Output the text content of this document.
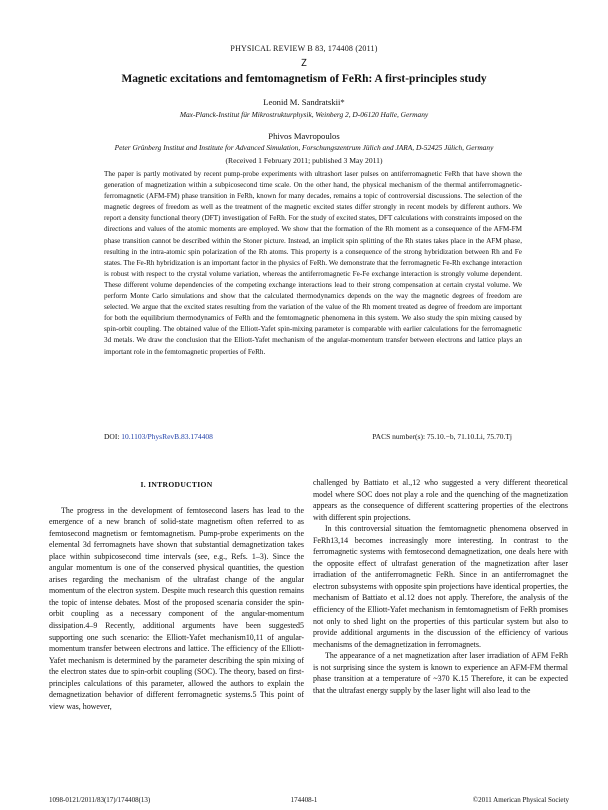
PHYSICAL REVIEW B 83, 174408 (2011)
Ⴭ
Magnetic excitations and femtomagnetism of FeRh: A first-principles study
Leonid M. Sandratskii*
Max-Planck-Institut für Mikrostrukturphysik, Weinberg 2, D-06120 Halle, Germany
Phivos Mavropoulos
Peter Grünberg Institut and Institute for Advanced Simulation, Forschungszentrum Jülich and JARA, D-52425 Jülich, Germany
(Received 1 February 2011; published 3 May 2011)

The paper is partly motivated by recent pump-probe experiments with ultrashort laser pulses on antiferromagnetic FeRh that have shown the generation of magnetization within a subpicosecond time scale. On the other hand, the physical mechanism of the thermal antiferromagnetic-ferromagnetic (AFM-FM) phase transition in FeRh, known for many decades, remains a topic of controversial discussions. The selection of the magnetic degrees of freedom as well as the treatment of the magnetic excited states differ strongly in recent models by different authors. We report a density functional theory (DFT) investigation of FeRh. For the study of excited states, DFT calculations with constraints imposed on the directions and values of the atomic moments are employed. We show that the formation of the Rh moment as a consequence of the AFM-FM phase transition cannot be described within the Stoner picture. Instead, an implicit spin splitting of the Rh states takes place in the AFM phase, resulting in the intra-atomic spin polarization of the Rh atoms. This property is a consequence of the strong hybridization between Rh and Fe states. The Fe-Rh hybridization is an important factor in the physics of FeRh. We demonstrate that the ferromagnetic Fe-Rh exchange interaction is robust with respect to the crystal volume variation, whereas the antiferromagnetic Fe-Fe exchange interaction is strongly volume dependent. These different volume dependencies of the competing exchange interactions lead to their strong compensation at certain crystal volume. We perform Monte Carlo simulations and show that the calculated thermodynamics depends on the way the magnetic degrees of freedom are selected. We argue that the excited states resulting from the variation of the value of the Rh moment treated as degree of freedom are important for both the equilibrium thermodynamics of FeRh and the femtomagnetic phenomena in this system. We also study the spin mixing caused by spin-orbit coupling. The obtained value of the Elliott-Yafet spin-mixing parameter is comparable with earlier calculations for the ferromagnetic 3d metals. We draw the conclusion that the Elliott-Yafet mechanism of the angular-momentum transfer between electrons and lattice plays an important role in the femtomagnetic properties of FeRh.

DOI: 10.1103/PhysRevB.83.174408	PACS number(s): 75.10.−b, 71.10.Li, 75.70.Tj
I. INTRODUCTION

The progress in the development of femtosecond lasers has lead to the emergence of a new branch of solid-state magnetism often referred to as femtosecond magnetism or femtomagnetism. Pump-probe experiments on the elemental 3d ferromagnets have shown that substantial demagnetization takes place within subpicosecond time intervals (see, e.g., Refs. 1–3). Since the angular momentum is one of the conserved physical quantities, the question arises regarding the mechanism of the ultrafast change of the angular momentum of the electron system. Despite much research this question remains the topic of intense debates. Most of the proposed scenaria consider the spin-orbit coupling as a necessary component of the angular-momentum dissipation.4–9 Recently, additional arguments have been suggested5 supporting one such scenario: the Elliott-Yafet mechanism10,11 of angular-momentum transfer between electrons and lattice. The efficiency of the Elliott-Yafet mechanism is determined by the parameter describing the spin mixing of the electron states due to spin-orbit coupling (SOC). The theory, based on first-principles calculations of this parameter, allowed the authors to explain the demagnetization behavior of different ferromagnetic systems.5 This point of view was, however,

challenged by Battiato et al.,12 who suggested a very different theoretical model where SOC does not play a role and the quenching of the magnetization appears as the consequence of different scattering properties of the electrons with different spin projections.

In this controversial situation the femtomagnetic phenomena observed in FeRh13,14 becomes increasingly more interesting. In contrast to the ferromagnetic systems with femtosecond demagnetization, one deals here with the opposite effect of ultrafast generation of the magnetization after laser irradiation of the antiferromagnetic FeRh. Since in an antiferromagnet the electron subsystems with opposite spin projections have identical properties, the mechanism of Battiato et al.12 does not apply. Therefore, the analysis of the efficiency of the Elliott-Yafet mechanism in femtomagnetism of FeRh promises not only to shed light on the properties of this particular system but also to provide additional arguments in the discussion of the efficiency of various mechanisms of the demagnetization in ferromagnets.

The appearance of a net magnetization after laser irradiation of AFM FeRh is not surprising since the system is known to experience an AFM-FM thermal phase transition at a temperature of ~370 K.15 Therefore, it can be expected that the ultrafast energy supply by the laser light will also lead to the

1098-0121/2011/83(17)/174408(13)	174408-1	©2011 American Physical Society
